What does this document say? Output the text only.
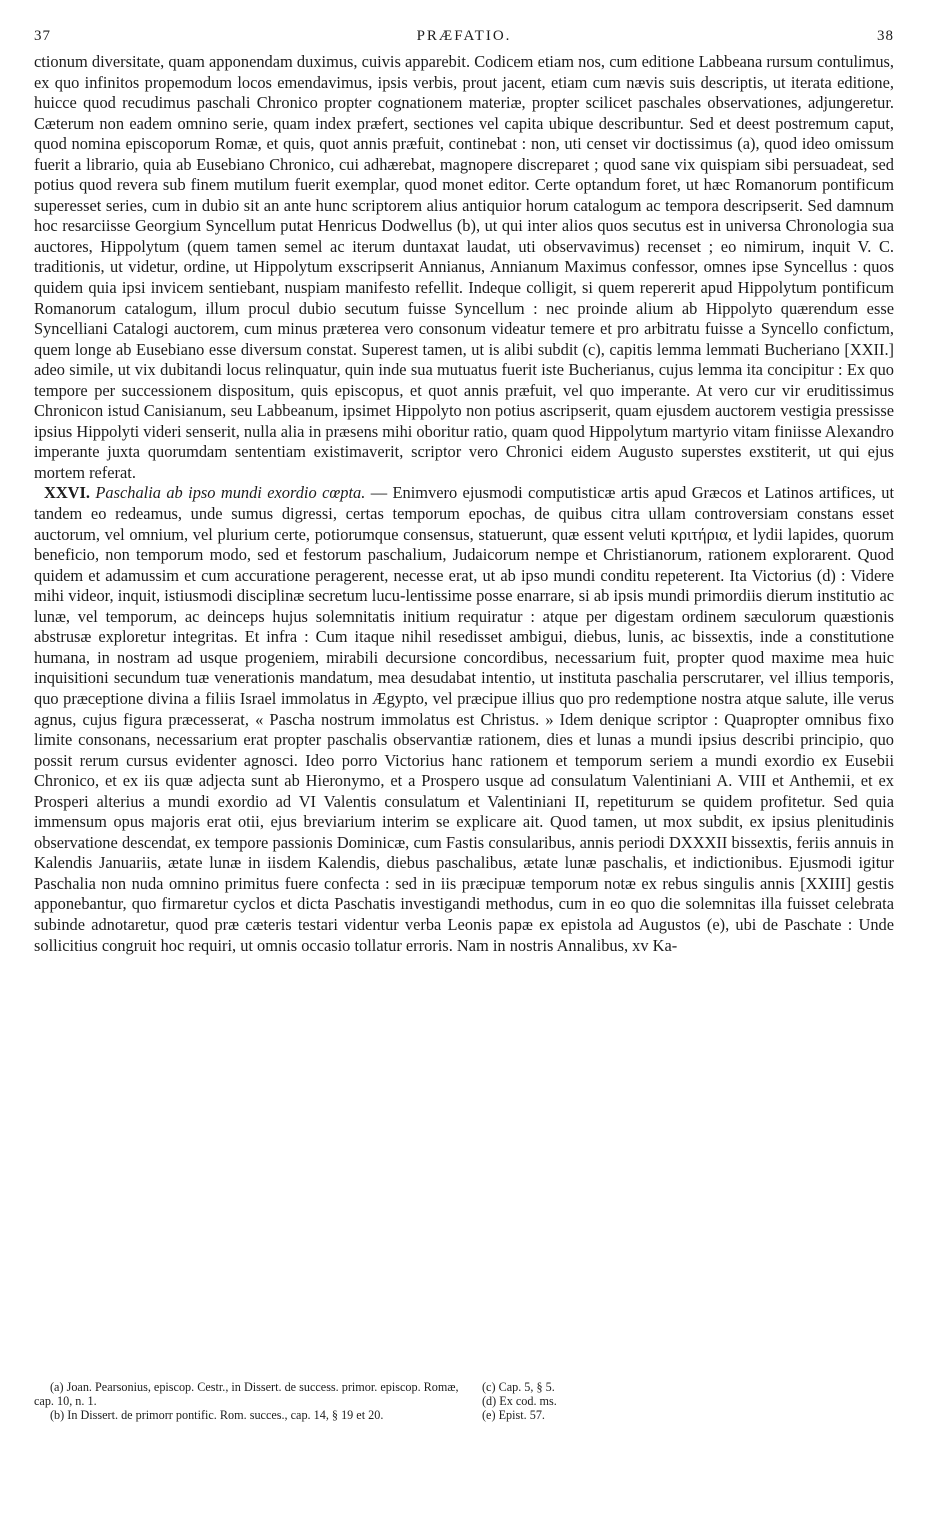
37	PRÆFATIO.	38

ctionum diversitate, quam apponendam duximus, cuivis apparebit. Codicem etiam nos, cum editione Labbeana rursum contulimus, ex quo infinitos propemodum locos emendavimus, ipsis verbis, prout jacent, etiam cum nævis suis descriptis, ut iterata editione, huicce quod recudimus paschali Chronico propter cognationem materiæ, propter scilicet paschales observationes, adjungeretur. Cæterum non eadem omnino serie, quam index præfert, sectiones vel capita ubique describuntur. Sed et deest postremum caput, quod nomina episcoporum Romæ, et quis, quot annis præfuit, continebat : non, uti censet vir doctissimus (a), quod ideo omissum fuerit a librario, quia ab Eusebiano Chronico, cui adhærebat, magnopere discreparet ; quod sane vix quispiam sibi persuadeat, sed potius quod revera sub finem mutilum fuerit exemplar, quod monet editor. Certe optandum foret, ut hæc Romanorum pontificum superesset series, cum in dubio sit an ante hunc scriptorem alius antiquior horum catalogum ac tempora descripserit. Sed damnum hoc resarciisse Georgium Syncellum putat Henricus Dodwellus (b), ut qui inter alios quos secutus est in universa Chronologia sua auctores, Hippolytum (quem tamen semel ac iterum duntaxat laudat, uti observavimus) recenset ; eo nimirum, inquit V. C. traditionis, ut videtur, ordine, ut Hippolytum exscripserit Annianus, Annianum Maximus confessor, omnes ipse Syncellus : quos quidem quia ipsi invicem sentiebant, nuspiam manifesto refellit. Indeque colligit, si quem repererit apud Hippolytum pontificum Romanorum catalogum, illum procul dubio secutum fuisse Syncellum : nec proinde alium ab Hippolyto quærendum esse Syncelliani Catalogi auctorem, cum minus præterea vero consonum videatur temere et pro arbitratu fuisse a Syncello confictum, quem longe ab Eusebiano esse diversum constat. Superest tamen, ut is alibi subdit (c), capitis lemma lemmati Bucheriano [XXII.] adeo simile, ut vix dubitandi locus relinquatur, quin inde sua mutuatus fuerit iste Bucherianus, cujus lemma ita concipitur : Ex quo tempore per successionem dispositum, quis episcopus, et quot annis præfuit, vel quo imperante. At vero cur vir eruditissimus Chronicon istud Canisianum, seu Labbeanum, ipsimet Hippolyto non potius ascripserit, quam ejusdem auctorem vestigia pressisse ipsius Hippolyti videri senserit, nulla alia in præsens mihi oboritur ratio, quam quod Hippolytum martyrio vitam finiisse Alexandro imperante juxta quorumdam sententiam existimaverit, scriptor vero Chronici eidem Augusto superstes exstiterit, ut qui ejus mortem referat.

XXVI. Paschalia ab ipso mundi exordio cœpta. — Enimvero ejusmodi computisticæ artis apud Græcos et Latinos artifices, ut tandem eo redeamus, unde sumus digressi, certas temporum epochas, de quibus citra ullam controversiam constans esset auctorum, vel omnium, vel plurium certe, potiorumque consensus, statuerunt, quæ essent veluti κριτήρια, et lydii lapides, quorum beneficio, non temporum modo, sed et festorum paschalium, Judaicorum nempe et Christianorum, rationem explorarent. Quod quidem et adamussim et cum accuratione peragerent, necesse erat, ut ab ipso mundi conditu repeterent. Ita Victorius (d) : Videre mihi videor, inquit, istiusmodi disciplinæ secretum lucu-lentissime posse enarrare, si ab ipsis mundi primordiis dierum institutio ac lunæ, vel temporum, ac deinceps hujus solemnitatis initium requiratur : atque per digestam ordinem sæculorum quæstionis abstrusæ exploretur integritas. Et infra : Cum itaque nihil resedisset ambigui, diebus, lunis, ac bissextis, inde a constitutione humana, in nostram ad usque progeniem, mirabili decursione concordibus, necessarium fuit, propter quod maxime mea huic inquisitioni secundum tuæ venerationis mandatum, mea desudabat intentio, ut instituta paschalia perscrutarer, vel illius temporis, quo præceptione divina a filiis Israel immolatus in Ægypto, vel præcipue illius quo pro redemptione nostra atque salute, ille verus agnus, cujus figura præcesserat, « Pascha nostrum immolatus est Christus. » Idem denique scriptor : Quapropter omnibus fixo limite consonans, necessarium erat propter paschalis observantiæ rationem, dies et lunas a mundi ipsius describi principio, quo possit rerum cursus evidenter agnosci. Ideo porro Victorius hanc rationem et temporum seriem a mundi exordio ex Eusebii Chronico, et ex iis quæ adjecta sunt ab Hieronymo, et a Prospero usque ad consulatum Valentiniani A. VIII et Anthemii, et ex Prosperi alterius a mundi exordio ad VI Valentis consulatum et Valentiniani II, repetiturum se quidem profitetur. Sed quia immensum opus majoris erat otii, ejus breviarium interim se explicare ait. Quod tamen, ut mox subdit, ex ipsius plenitudinis observatione descendat, ex tempore passionis Dominicæ, cum Fastis consularibus, annis periodi DXXXII bissextis, feriis annuis in Kalendis Januariis, ætate lunæ in iisdem Kalendis, diebus paschalibus, ætate lunæ paschalis, et indictionibus. Ejusmodi igitur Paschalia non nuda omnino primitus fuere confecta : sed in iis præcipuæ temporum notæ ex rebus singulis annis [XXIII] gestis apponebantur, quo firmaretur cyclos et dicta Paschatis investigandi methodus, cum in eo quo die solemnitas illa fuisset celebrata subinde adnotaretur, quod præ cæteris testari videntur verba Leonis papæ ex epistola ad Augustos (e), ubi de Paschate : Unde sollicitius congruit hoc requiri, ut omnis occasio tollatur erroris. Nam in nostris Annalibus, xv Ka-

(a) Joan. Pearsonius, episcop. Cestr., in Dissert. de success. primor. episcop. Romæ, cap. 10, n. 1.

(b) In Dissert. de primorr pontific. Rom. succes., cap. 14, § 19 et 20.

(c) Cap. 5, § 5.

(d) Ex cod. ms.

(e) Epist. 57.
